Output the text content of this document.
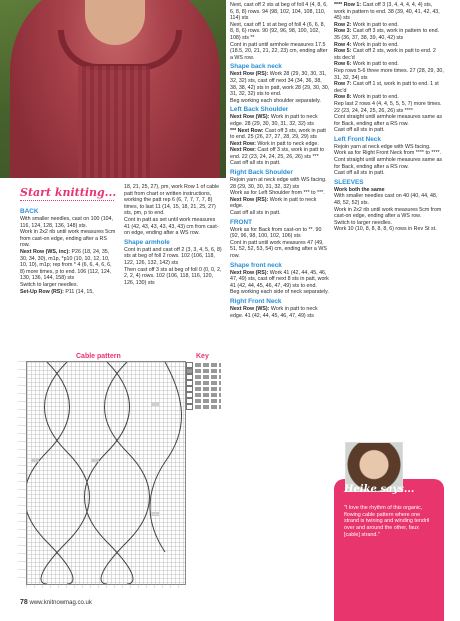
Start knitting...

BACK

With smaller needles, cast on 100 (104, 116, 124, 128, 136, 148) sts.

Work in 2x2 rib until work measures 5cm from cast-on edge, ending after a RS row.

Next Row (WS, inc): P26 (18, 24, 35, 30, 34, 30), m1p, *p10 (10, 10, 12, 10, 10, 10), m1p; rep from * 4 (6, 6, 4, 6, 6, 8) more times, p to end. 106 (112, 124, 130, 136, 144, 158) sts

Switch to larger needles.

Set-Up Row (RS): P11 (14, 15,

18, 21, 25, 27), pm, work Row 1 of cable patt from chart or written instructions, working the patt rep 6 (6, 7, 7, 7, 7, 8) times, to last 11 (14, 15, 18, 21, 25, 27) sts, pm, p to end.

Cont in patt as set until work measures 41 (42, 43, 43, 43, 43, 43) cm from cast-on edge, ending after a WS row.

Shape armhole

Cont in patt and cast off 2 (3, 3, 4, 5, 6, 8) sts at beg of foll 2 rows. 102 (106, 118, 122, 126, 132, 142) sts

Then cast off 3 sts at beg of foll 0 (0, 0, 2, 2, 2, 4) rows. 102 (106, 118, 116, 120, 126, 130) sts

Cable pattern	Key

Next, cast off 2 sts at beg of foll 4 (4, 8, 6, 6, 8, 8) rows. 94 (98, 102, 104, 108, 110, 114) sts

Next, cast off 1 st at beg of foll 4 (6, 6, 8, 8, 8, 6) rows. 90 (92, 96, 98, 100, 102, 108) sts **

Cont in patt until armhole measures 17.5 (18.5, 20, 21, 21, 22, 23) cm, ending after a WS row.

Shape back neck

Next Row (RS): Work 28 (29, 30, 30, 31, 32, 32) sts, cast off next 34 (34, 36, 38, 38, 38, 42) sts in patt, work 28 (29, 30, 30, 31, 32, 32) sts to end.

Beg working each shoulder separately.

Left Back Shoulder

Next Row (WS): Work in patt to neck edge. 28 (29, 30, 30, 31, 32, 32) sts

*** Next Row: Cast off 3 sts, work in patt to end. 25 (26, 27, 27, 28, 29, 29) sts

Next Row: Work in patt to neck edge.

Next Row: Cast off 3 sts, work in patt to end. 22 (23, 24, 24, 25, 26, 26) sts ***

Cast off all sts in patt.

Right Back Shoulder

Rejoin yarn at neck edge with WS facing. 28 (29, 30, 30, 31, 32, 32) sts

Work as for Left Shoulder from *** to ***.

Next Row (RS): Work in patt to neck edge.

Cast off all sts in patt.

FRONT

Work as for Back from cast-on to **. 90 (92, 96, 98, 100, 102, 106) sts

Cont in patt until work measures 47 (49, 51, 52, 52, 53, 54) cm, ending after a WS row.

Shape front neck

Next Row (RS): Work 41 (42, 44, 45, 46, 47, 49) sts, cast off next 8 sts in patt, work 41 (42, 44, 45, 46, 47, 49) sts to end.

Beg working each side of neck separately.

Right Front Neck

Next Row (WS): Work in patt to neck edge. 41 (42, 44, 45, 46, 47, 49) sts

**** Row 1: Cast off 3 (3, 4, 4, 4, 4, 4) sts, work in pattern to end. 38 (39, 40, 41, 42, 43, 45) sts

Row 2: Work in patt to end.

Row 3: Cast off 3 sts, work in pattern to end. 35 (36, 37, 38, 39, 40, 42) sts

Row 4: Work in patt to end.

Row 5: Cast off 2 sts, work in patt to end. 2 sts dec'd

Row 6: Work in patt to end.

Rep rows 5-6 three more times. 27 (28, 29, 30, 31, 32, 34) sts

Row 7: Cast off 1 st, work in patt to end. 1 st dec'd

Row 8: Work in patt to end.

Rep last 2 rows 4 (4, 4, 5, 5, 5, 7) more times. 22 (23, 24, 24, 25, 26, 26) sts ****

Cont straight until armhole measures same as for Back, ending after a RS row.

Cast off all sts in patt.

Left Front Neck

Rejoin yarn at neck edge with WS facing.

Work as for Right Front Neck from **** to ****.

Cont straight until armhole measures same as for Back, ending after a RS row.

Cast off all sts in patt.

SLEEVES

Work both the same

With smaller needles cast on 40 (40, 44, 48, 48, 52, 52) sts.

Work in 2x2 rib until work measures 5cm from cast-on edge, ending after a WS row.

Switch to larger needles.

Work 10 (10, 8, 8, 8, 8, 6) rows in Rev St st.

Heike says...
"I love the rhythm of this organic, flowing cable pattern where one strand is twining and winding tendril over and around the other, faux [cable] strand."
78 www.knitnowmag.co.uk
